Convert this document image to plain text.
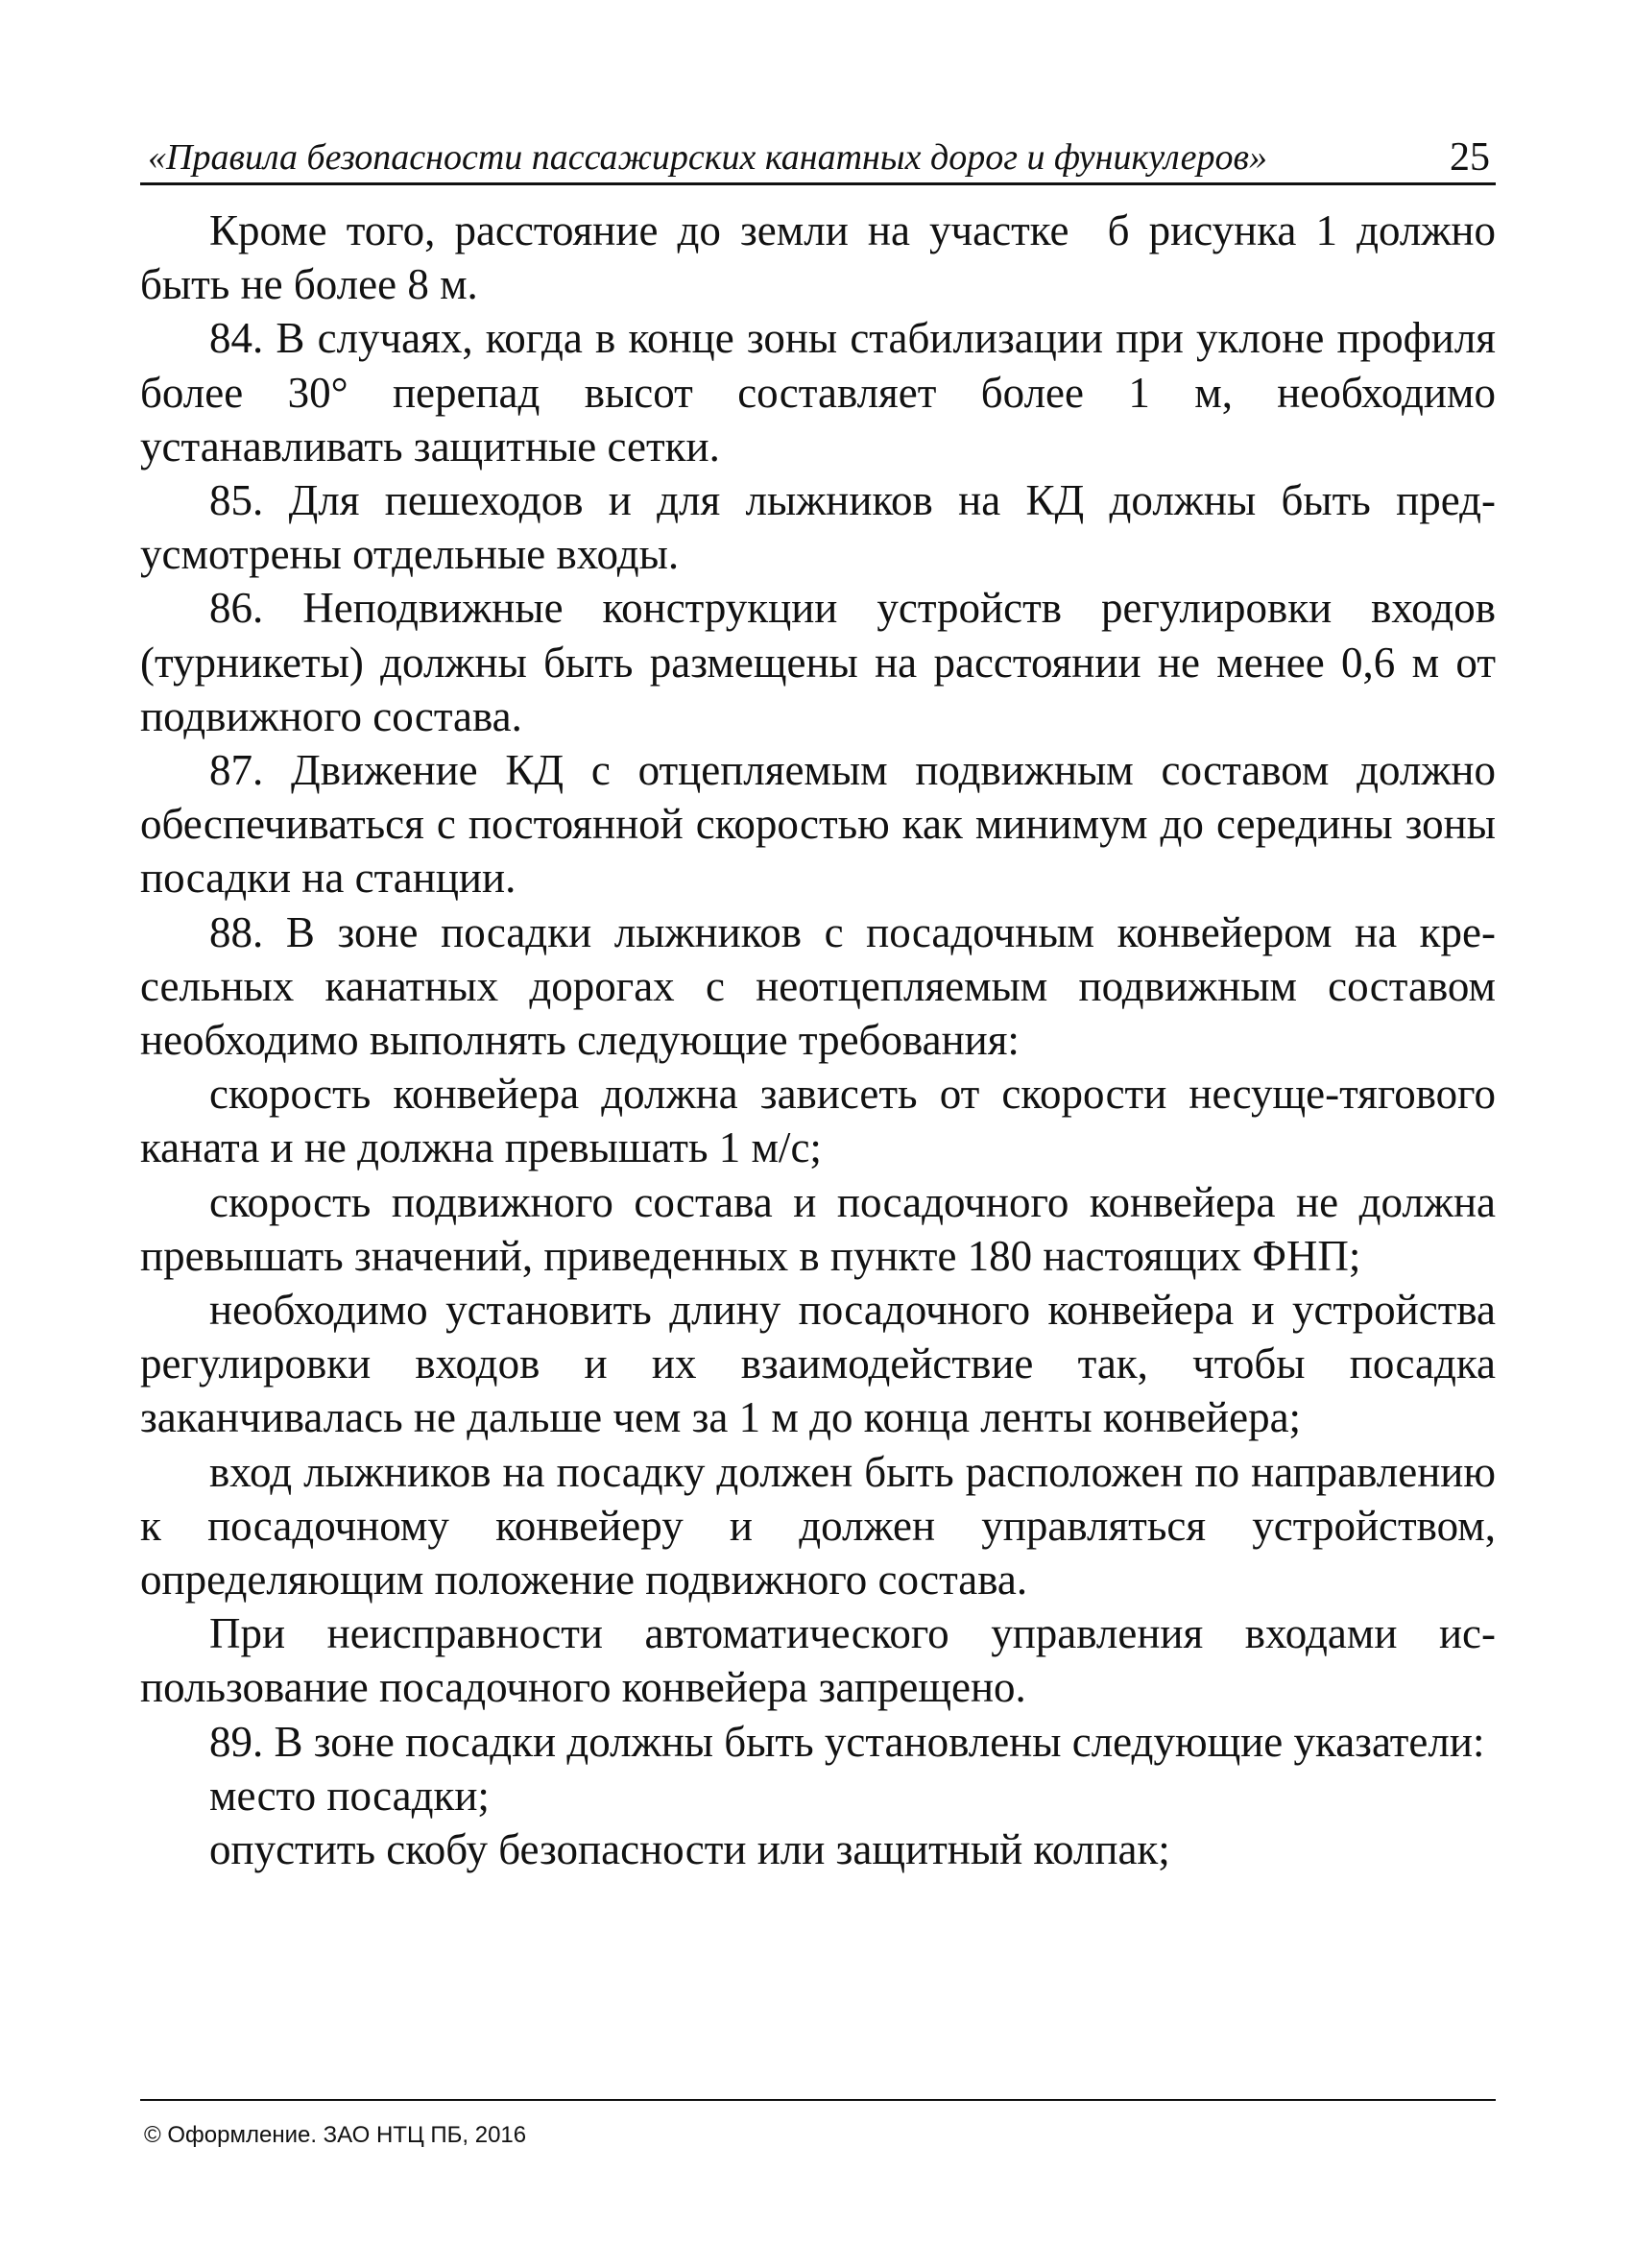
«Правила безопасности пассажирских канатных дорог и фуникулеров»	25

Кроме того, расстояние до земли на участке  б рисунка 1 должно быть не более 8 м.

84. В случаях, когда в конце зоны стабилизации при уклоне профиля более 30° перепад высот составляет более 1 м, необходимо устанавливать защитные сетки.

85. Для пешеходов и для лыжников на КД должны быть предусмотрены отдельные входы.

86. Неподвижные конструкции устройств регулировки входов (турникеты) должны быть размещены на расстоянии не менее 0,6 м от подвижного состава.

87. Движение КД с отцепляемым подвижным составом должно обеспечиваться с постоянной скоростью как минимум до середины зоны посадки на станции.

88. В зоне посадки лыжников с посадочным конвейером на кресельных канатных дорогах с неотцепляемым подвижным составом необходимо выполнять следующие требования:

скорость конвейера должна зависеть от скорости несуще-тягового каната и не должна превышать 1 м/с;

скорость подвижного состава и посадочного конвейера не должна превышать значений, приведенных в пункте 180 настоящих ФНП;

необходимо установить длину посадочного конвейера и устройства регулировки входов и их взаимодействие так, чтобы посадка заканчивалась не дальше чем за 1 м до конца ленты конвейера;

вход лыжников на посадку должен быть расположен по направлению к посадочному конвейеру и должен управляться устройством, определяющим положение подвижного состава.

При неисправности автоматического управления входами использование посадочного конвейера запрещено.

89. В зоне посадки должны быть установлены следующие указатели:

место посадки;

опустить скобу безопасности или защитный колпак;

© Оформление. ЗАО НТЦ ПБ, 2016
